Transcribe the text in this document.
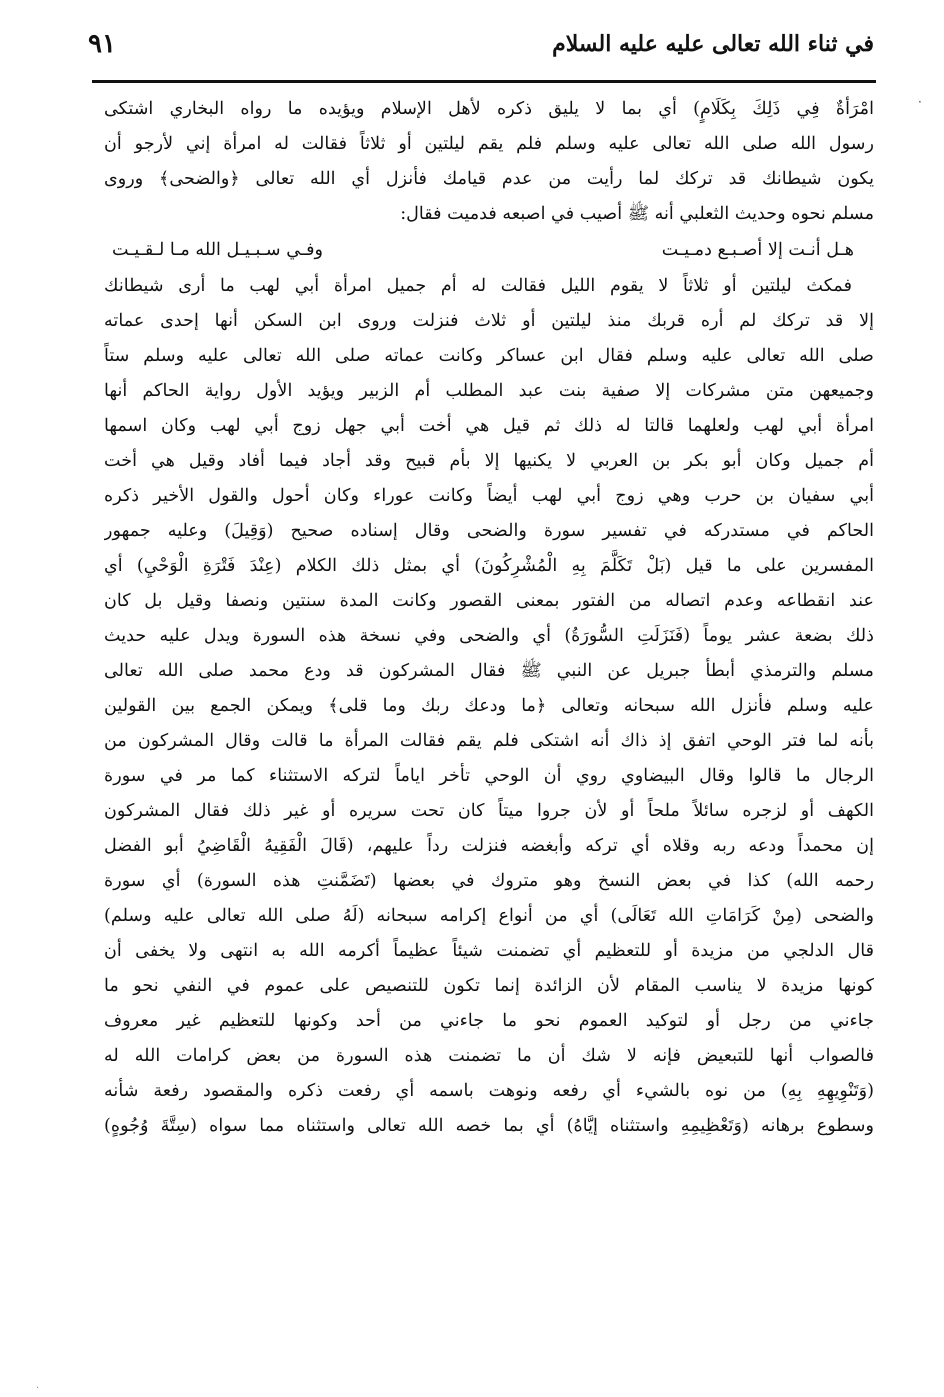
في ثناء الله تعالى عليه عليه السلام
٩١
·
امْرَأةٌ فِي ذَلِكَ بِكَلَامٍ) أي بما لا يليق ذكره لأهل الإسلام ويؤيده ما رواه البخاري اشتكى
رسول الله صلى الله تعالى عليه وسلم فلم يقم ليلتين أو ثلاثاً فقالت له امرأة إني لأرجو أن
يكون شيطانك قد تركك لما رأيت من عدم قيامك فأنزل أي الله تعالى ﴿والضحى﴾ وروى
مسلم نحوه وحديث الثعلبي أنه ﷺ أصيب في اصبعه فدميت فقال:
هـل أنـت إلا أصـبـع دمـيـت
وفـي سـبـيـل الله مـا لـقـيـت
فمكث ليلتين أو ثلاثاً لا يقوم الليل فقالت له أم جميل امرأة أبي لهب ما أرى شيطانك
إلا قد تركك لم أره قربك منذ ليلتين أو ثلاث فنزلت وروى ابن السكن أنها إحدى عماته
صلى الله تعالى عليه وسلم فقال ابن عساكر وكانت عماته صلى الله تعالى عليه وسلم ستاً
وجميعهن متن مشركات إلا صفية بنت عبد المطلب أم الزبير ويؤيد الأول رواية الحاكم أنها
امرأة أبي لهب ولعلهما قالتا له ذلك ثم قيل هي أخت أبي جهل زوج أبي لهب وكان اسمها
أم جميل وكان أبو بكر بن العربي لا يكنيها إلا بأم قبيح وقد أجاد فيما أفاد وقيل هي أخت
أبي سفيان بن حرب وهي زوج أبي لهب أيضاً وكانت عوراء وكان أحول والقول الأخير ذكره
الحاكم في مستدركه في تفسير سورة والضحى وقال إسناده صحيح (وَقِيلَ) وعليه جمهور
المفسرين على ما قيل (بَلْ تَكَلَّمَ بِهِ الْمُشْرِكُونَ) أي بمثل ذلك الكلام (عِنْدَ فَتْرَةِ الْوَحْيِ) أي
عند انقطاعه وعدم اتصاله من الفتور بمعنى القصور وكانت المدة سنتين ونصفا وقيل بل كان
ذلك بضعة عشر يوماً (فَنَزَلَتِ السُّورَةُ) أي والضحى وفي نسخة هذه السورة ويدل عليه حديث
مسلم والترمذي أبطأ جبريل عن النبي ﷺ فقال المشركون قد ودع محمد صلى الله تعالى
عليه وسلم فأنزل الله سبحانه وتعالى ﴿ما ودعك ربك وما قلى﴾ ويمكن الجمع بين القولين
بأنه لما فتر الوحي اتفق إذ ذاك أنه اشتكى فلم يقم فقالت المرأة ما قالت وقال المشركون من
الرجال ما قالوا وقال البيضاوي روي أن الوحي تأخر اياماً لتركه الاستثناء كما مر في سورة
الكهف أو لزجره سائلاً ملحاً أو لأن جروا ميتاً كان تحت سريره أو غير ذلك فقال المشركون
إن محمداً ودعه ربه وقلاه أي تركه وأبغضه فنزلت رداً عليهم، (قَالَ الْفَقِيهُ الْقَاضِيُ أبو الفضل
رحمه الله) كذا في بعض النسخ وهو متروك في بعضها (تَضَمَّنتِ هذه السورة) أي سورة
والضحى (مِنْ كَرَامَاتِ الله تَعَالَى) أي من أنواع إكرامه سبحانه (لَهُ صلى الله تعالى عليه وسلم)
قال الدلجي من مزيدة أو للتعظيم أي تضمنت شيئاً عظيماً أكرمه الله به انتهى ولا يخفى أن
كونها مزيدة لا يناسب المقام لأن الزائدة إنما تكون للتنصيص على عموم في النفي نحو ما
جاءني من رجل أو لتوكيد العموم نحو ما جاءني من أحد وكونها للتعظيم غير معروف
فالصواب أنها للتبعيض فإنه لا شك أن ما تضمنت هذه السورة من بعض كرامات الله له
(وَتَنْوِيهِهِ بِهِ) من نوه بالشيء أي رفعه ونوهت باسمه أي رفعت ذكره والمقصود رفعة شأنه
وسطوع برهانه (وَتَعْظِيمِهِ واستثناه إيَّاهُ) أي بما خصه الله تعالى واستثناه مما سواه (سِتَّةَ وُجُوهٍ)
.
